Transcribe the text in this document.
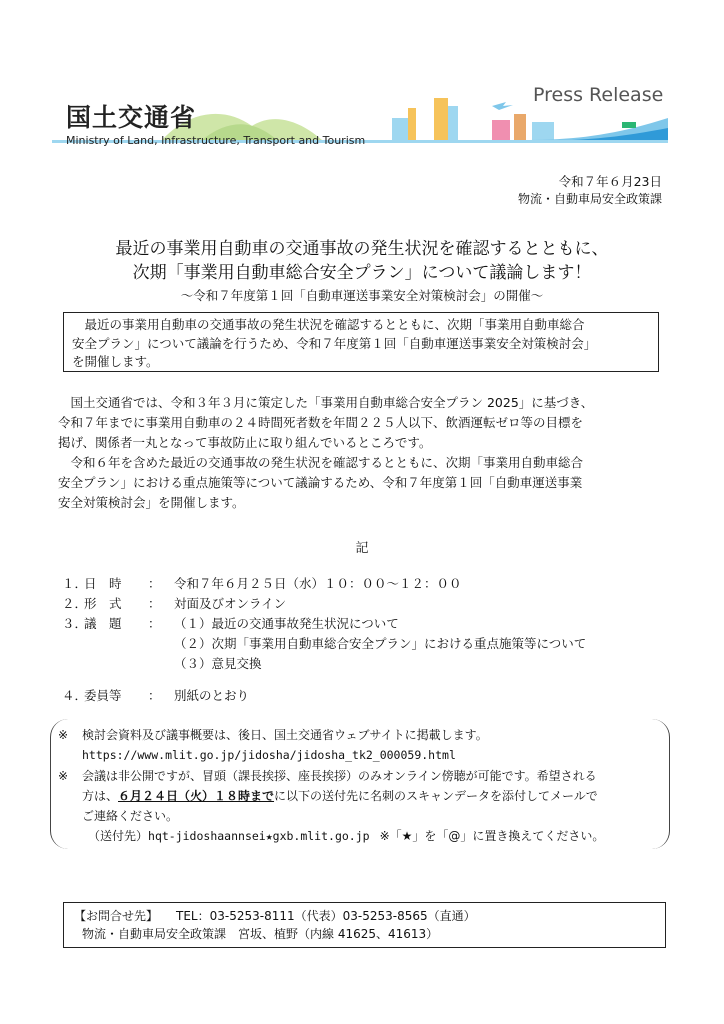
国土交通省
Ministry of Land, Infrastructure, Transport and Tourism
Press Release
令和７年６月23日
物流・自動車局安全政策課
最近の事業用自動車の交通事故の発生状況を確認するとともに、
次期「事業用自動車総合安全プラン」について議論します！
～令和７年度第１回「自動車運送事業安全対策検討会」の開催～
　最近の事業用自動車の交通事故の発生状況を確認するとともに、次期「事業用自動車総合
安全プラン」について議論を行うため、令和７年度第１回「自動車運送事業安全対策検討会」
を開催します。
　国土交通省では、令和３年３月に策定した「事業用自動車総合安全プラン 2025」に基づき、
令和７年までに事業用自動車の２４時間死者数を年間２２５人以下、飲酒運転ゼロ等の目標を
掲げ、関係者一丸となって事故防止に取り組んでいるところです。
　令和６年を含めた最近の交通事故の発生状況を確認するとともに、次期「事業用自動車総合
安全プラン」における重点施策等について議論するため、令和７年度第１回「自動車運送事業
安全対策検討会」を開催します。
記
１．
日　時 ： 令和７年６月２５日（水）１０：００～１２：００
２．
形　式 ： 対面及びオンライン
３．
議　題 ： （１）最近の交通事故発生状況について
（２）次期「事業用自動車総合安全プラン」における重点施策等について
（３）意見交換
４．
委員等 ： 別紙のとおり
※ 検討会資料及び議事概要は、後日、国土交通省ウェブサイトに掲載します。
https://www.mlit.go.jp/jidosha/jidosha_tk2_000059.html
※ 会議は非公開ですが、冒頭（課長挨拶、座長挨拶）のみオンライン傍聴が可能です。希望される
方は、６月２４日（火）１８時までに以下の送付先に名刺のスキャンデータを添付してメールで
ご連絡ください。
（送付先）hqt-jidoshaannsei★gxb.mlit.go.jp ※「★」を「@」に置き換えてください。
【お問合せ先】 TEL：03-5253-8111（代表）03-5253-8565（直通）
物流・自動車局安全政策課　宮坂、植野（内線 41625、41613）
